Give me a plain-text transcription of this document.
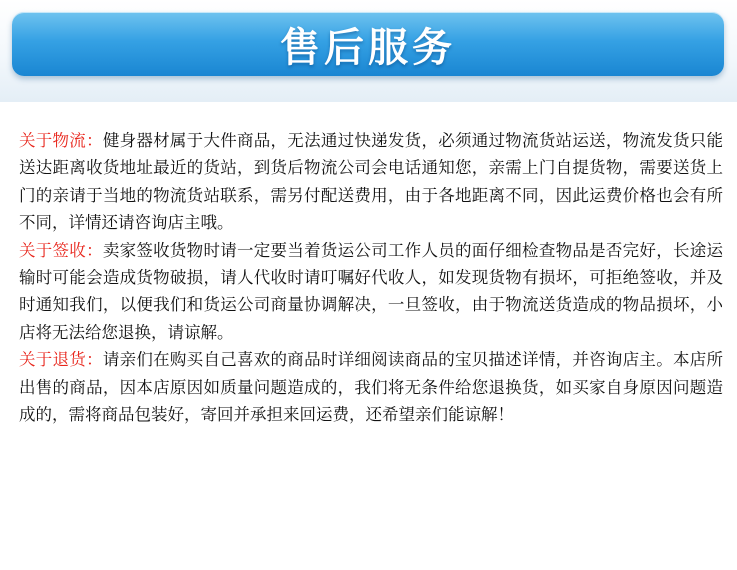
售后服务

关于物流：健身器材属于大件商品，无法通过快递发货，必须通过物流货站运送，物流发货只能送达距离收货地址最近的货站，到货后物流公司会电话通知您，亲需上门自提货物，需要送货上门的亲请于当地的物流货站联系，需另付配送费用，由于各地距离不同，因此运费价格也会有所不同，详情还请咨询店主哦。

关于签收：卖家签收货物时请一定要当着货运公司工作人员的面仔细检查物品是否完好，长途运输时可能会造成货物破损，请人代收时请叮嘱好代收人，如发现货物有损坏，可拒绝签收，并及时通知我们，以便我们和货运公司商量协调解决，一旦签收，由于物流送货造成的物品损坏，小店将无法给您退换，请谅解。

关于退货：请亲们在购买自己喜欢的商品时详细阅读商品的宝贝描述详情，并咨询店主。本店所出售的商品，因本店原因如质量问题造成的，我们将无条件给您退换货，如买家自身原因问题造成的，需将商品包装好，寄回并承担来回运费，还希望亲们能谅解！
